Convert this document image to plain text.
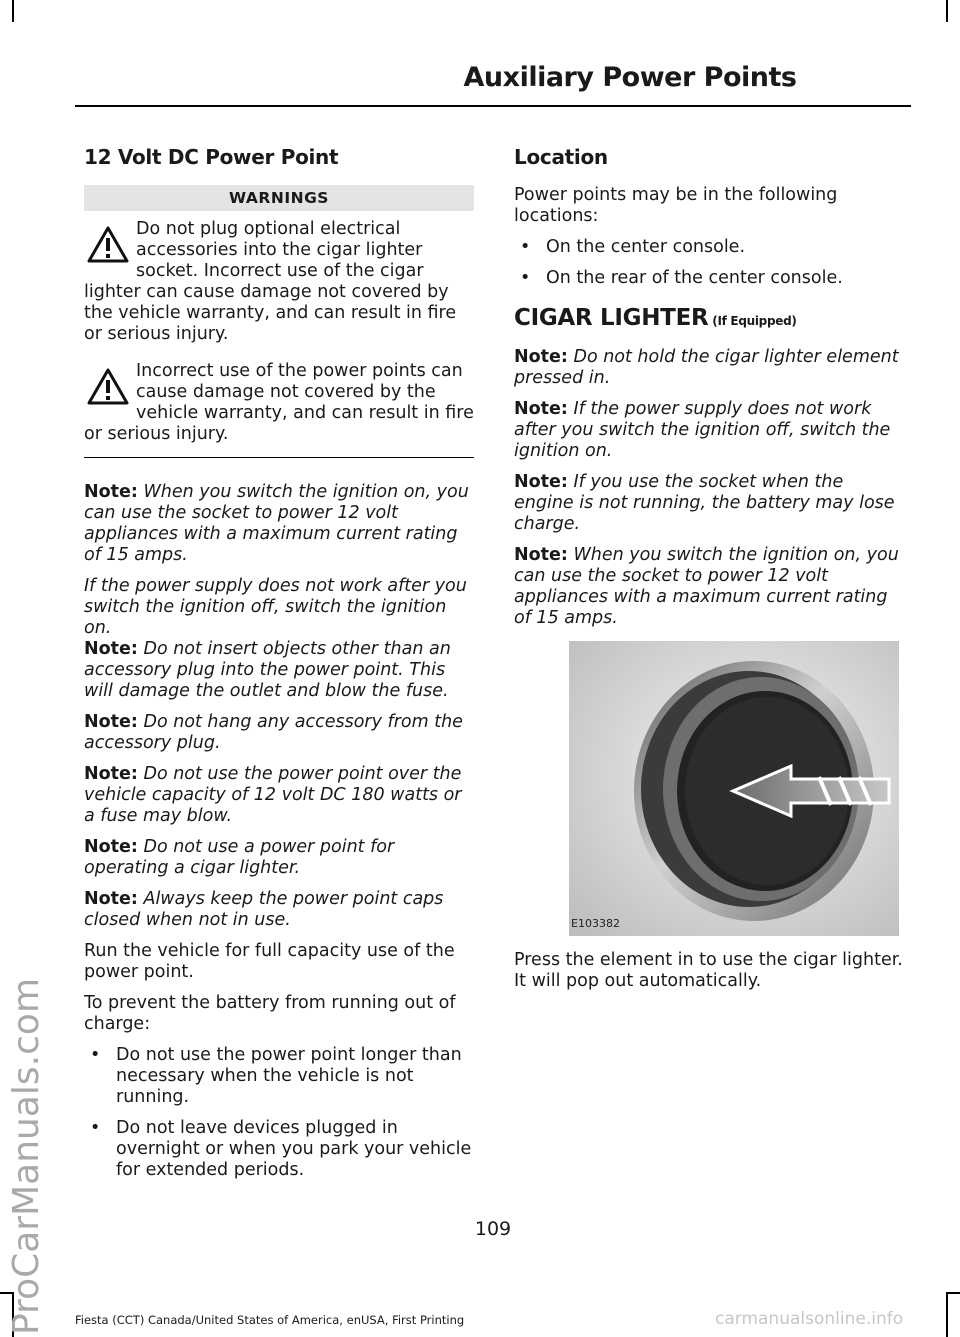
Auxiliary Power Points
ProCarManuals.com
12 Volt DC Power Point
WARNINGS
Do not plug optional electrical accessories into the cigar lighter socket. Incorrect use of the cigar lighter can cause damage not covered by the vehicle warranty, and can result in fire or serious injury.
Incorrect use of the power points can cause damage not covered by the vehicle warranty, and can result in fire or serious injury.

Note: When you switch the ignition on, you can use the socket to power 12 volt appliances with a maximum current rating of 15 amps.

If the power supply does not work after you switch the ignition off, switch the ignition on.

Note: Do not insert objects other than an accessory plug into the power point. This will damage the outlet and blow the fuse.

Note: Do not hang any accessory from the accessory plug.

Note: Do not use the power point over the vehicle capacity of 12 volt DC 180 watts or a fuse may blow.

Note: Do not use a power point for operating a cigar lighter.

Note: Always keep the power point caps closed when not in use.

Run the vehicle for full capacity use of the power point.

To prevent the battery from running out of charge:

• Do not use the power point longer than necessary when the vehicle is not running.
• Do not leave devices plugged in overnight or when you park your vehicle for extended periods.
Location

Power points may be in the following locations:

• On the center console.
• On the rear of the center console.
CIGAR LIGHTER (If Equipped)

Note: Do not hold the cigar lighter element pressed in.

Note: If the power supply does not work after you switch the ignition off, switch the ignition on.

Note: If you use the socket when the engine is not running, the battery may lose charge.

Note: When you switch the ignition on, you can use the socket to power 12 volt appliances with a maximum current rating of 15 amps.

E103382

Press the element in to use the cigar lighter. It will pop out automatically.

109
Fiesta (CCT) Canada/United States of America, enUSA, First Printing	carmanualsonline.info
